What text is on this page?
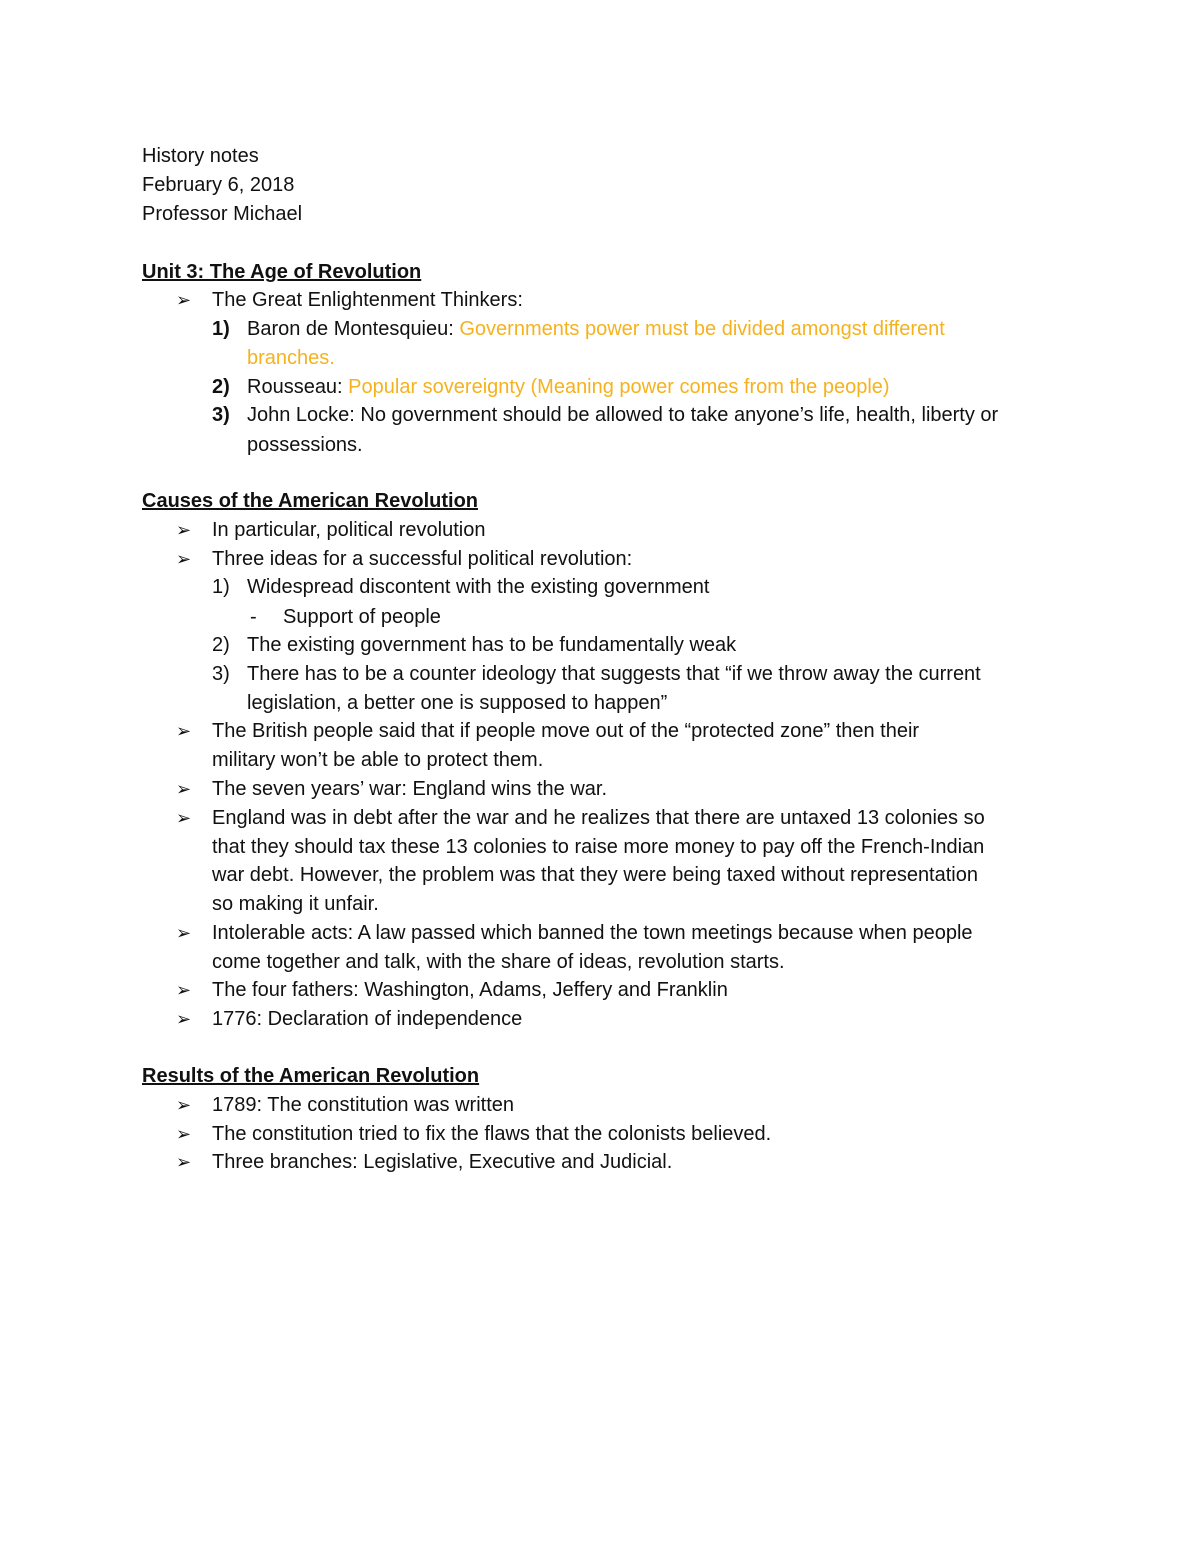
History notes
February 6, 2018
Professor Michael
Unit 3: The Age of Revolution
➢ The Great Enlightenment Thinkers:
1) Baron de Montesquieu: Governments power must be divided amongst different
branches.
2) Rousseau: Popular sovereignty (Meaning power comes from the people)
3) John Locke: No government should be allowed to take anyone’s life, health, liberty or
possessions.
Causes of the American Revolution
➢ In particular, political revolution
➢ Three ideas for a successful political revolution:
1) Widespread discontent with the existing government
- Support of people
2) The existing government has to be fundamentally weak
3) There has to be a counter ideology that suggests that “if we throw away the current
legislation, a better one is supposed to happen”
➢ The British people said that if people move out of the “protected zone” then their
military won’t be able to protect them.
➢ The seven years’ war: England wins the war.
➢ England was in debt after the war and he realizes that there are untaxed 13 colonies so
that they should tax these 13 colonies to raise more money to pay off the French-Indian
war debt. However, the problem was that they were being taxed without representation
so making it unfair.
➢ Intolerable acts: A law passed which banned the town meetings because when people
come together and talk, with the share of ideas, revolution starts.
➢ The four fathers: Washington, Adams, Jeffery and Franklin
➢ 1776: Declaration of independence
Results of the American Revolution
➢ 1789: The constitution was written
➢ The constitution tried to fix the flaws that the colonists believed.
➢ Three branches: Legislative, Executive and Judicial.
